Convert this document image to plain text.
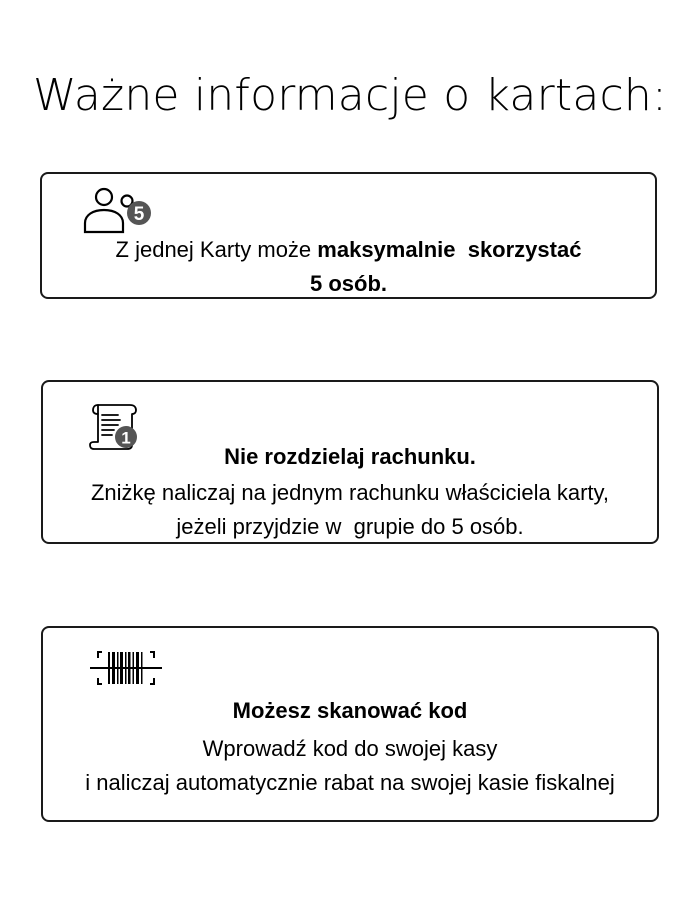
Ważne informacje o kartach:
5
Z jednej Karty może maksymalnie  skorzystać
5 osób.
1
Nie rozdzielaj rachunku.
Zniżkę naliczaj na jednym rachunku właściciela karty,
jeżeli przyjdzie w  grupie do 5 osób.
Możesz skanować kod
Wprowadź kod do swojej kasy
i naliczaj automatycznie rabat na swojej kasie fiskalnej
